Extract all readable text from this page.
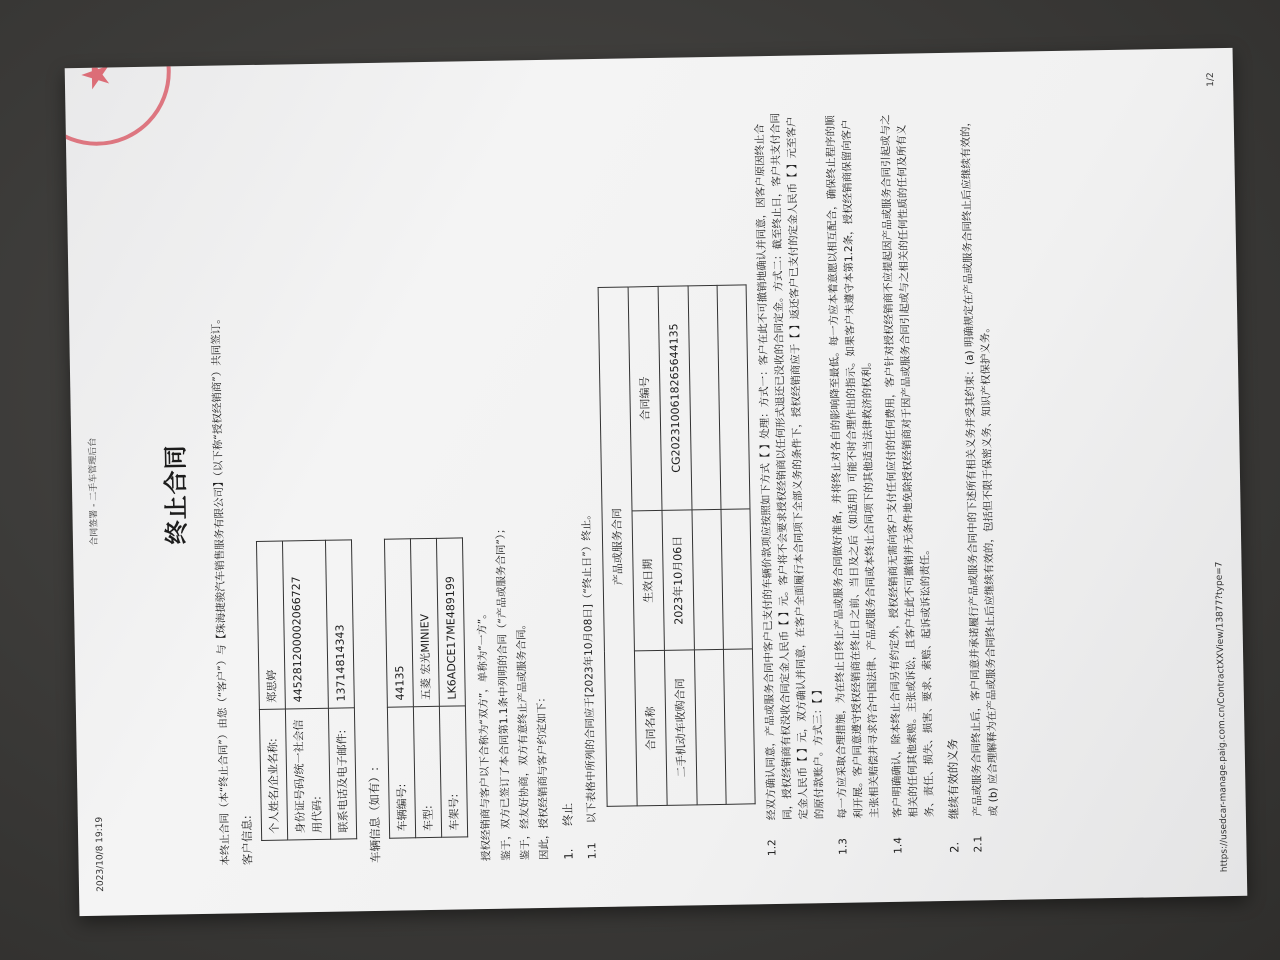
2023/10/8 19:19
合同签署 - 二手车管理后台	终止合同	本终止合同（本“终止合同”）由您（“客户”）与【珠海捷骏汽车销售服务有限公司】（以下称“授权经销商”）共同签订。 客户信息:
个人姓名/企业名称:	郑思婷
身份证号码/统一社会信用代码:	445281200002066727
联系电话及电子邮件:	13714814343
车辆信息（如有）: 车辆编号:	44135
车型:	五菱 宏光MINIEV
车架号:	LK6ADCE17ME489199	授权经销商与客户以下合称为“双方”，单称为“一方”。 鉴于，双方已签订了本合同第1.1条中列明的合同（“产品或服务合同”）； 鉴于，经友好协商，双方有意终止产品或服务合同。 因此，授权经销商与客户约定如下： 1. 终止
1.1
以下表格中所列的合同应于[2023年10月08日]（“终止日”）终止。 产品或服务合同		
合同名称	生效日期	合同编号
二手机动车收购合同	2023年10月06日	CG2023100618265644135

1.2
经双方确认同意，产品或服务合同中客户已支付的车辆价款项应按照如下方式【 】处理：方式一：客户在此不可撤销地确认并同意，因客户原因终止合同，授权经销商有权没收合同定金人民币【 】元。客户将不会要求授权经销商以任何形式退还已没收的合同定金。方式二：截至终止日，客户共支付合同定金人民币【 】元，双方确认并同意，在客户全面履行本合同项下全部义务的条件下，授权经销商应于【 】返还客户已支付的定金人民币【 】元至客户的原付款账户。方式三：【 】
1.3
每一方应采取合理措施，为在终止日终止产品或服务合同做好准备，并将终止对各自的影响降至最低。每一方应本着意愿以相互配合，确保终止程序的顺利开展。客户同意遵守授权经销商在终止日之前、当日及之后（如适用）可能不时合理作出的指示。如果客户未遵守本第1.2条，授权经销商保留向客户主张相关赔偿并寻求符合中国法律、产品或服务合同或本终止合同项下的其他适当法律救济的权利。
1.4
客户明确确认，除本终止合同另有约定外，授权经销商无需向客户支付任何应付的任何费用，客户针对授权经销商不应提起因产品或服务合同引起或与之相关的任何其他索赔。主张或诉讼，且客户在此不可撤销并无条件地免除授权经销商对于因产品或服务合同引起或与之相关的任何性质的任何及所有义务、责任、损失、损害、要求、索赔、起诉或诉讼的责任。
2. 继续有效的义务
2.1
产品或服务合同终止后，客户同意并承诺履行产品或服务合同中的下述所有相关义务并受其约束：(a) 明确规定在产品或服务合同终止后应继续有效的，或 (b) 应合理解释为在产品或服务合同终止后应继续有效的，包括但不限于保密义务、知识产权保护义务。	https://usedcar-manage.paig.com.cn/ContractXXView/13877?type=7
1/2
★
